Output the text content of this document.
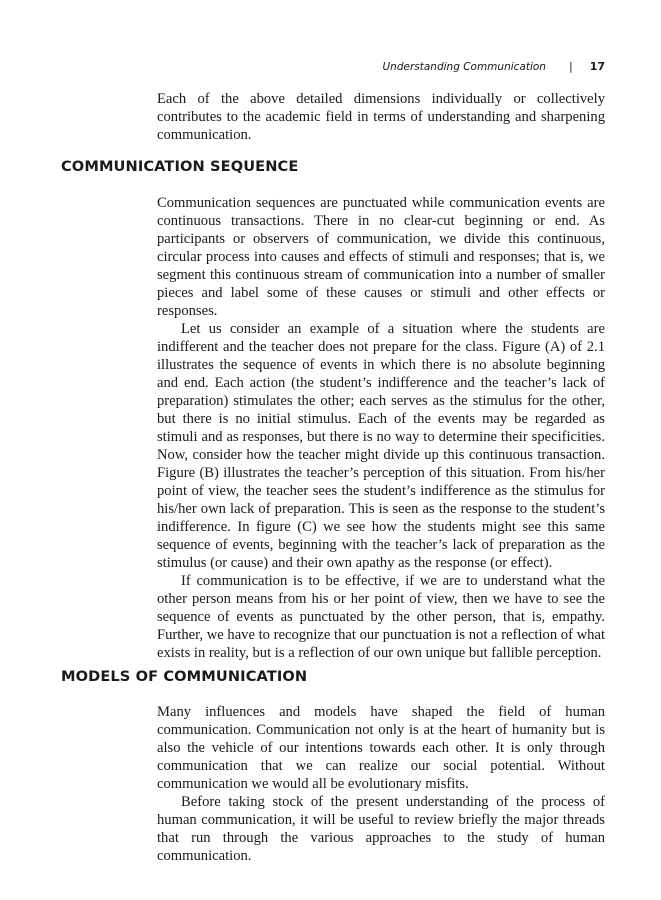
Understanding Communication | 17

Each of the above detailed dimensions individually or collectively contributes to the academic field in terms of understanding and sharpening communication.

COMMUNICATION SEQUENCE

Communication sequences are punctuated while communication events are continuous transactions. There in no clear-cut beginning or end. As participants or observers of communication, we divide this continuous, circular process into causes and effects of stimuli and responses; that is, we segment this continuous stream of communication into a number of smaller pieces and label some of these causes or stimuli and other effects or responses.

Let us consider an example of a situation where the students are indifferent and the teacher does not prepare for the class. Figure (A) of 2.1 illustrates the sequence of events in which there is no absolute beginning and end. Each action (the student’s indifference and the teacher’s lack of preparation) stimulates the other; each serves as the stimulus for the other, but there is no initial stimulus. Each of the events may be regarded as stimuli and as responses, but there is no way to determine their specificities. Now, consider how the teacher might divide up this continuous transaction. Figure (B) illustrates the teacher’s perception of this situation. From his/her point of view, the teacher sees the student’s indifference as the stimulus for his/her own lack of preparation. This is seen as the response to the student’s indifference. In figure (C) we see how the students might see this same sequence of events, beginning with the teacher’s lack of preparation as the stimulus (or cause) and their own apathy as the response (or effect).

If communication is to be effective, if we are to understand what the other person means from his or her point of view, then we have to see the sequence of events as punctuated by the other person, that is, empathy. Further, we have to recognize that our punctuation is not a reflection of what exists in reality, but is a reflection of our own unique but fallible perception.

MODELS OF COMMUNICATION

Many influences and models have shaped the field of human communication. Communication not only is at the heart of humanity but is also the vehicle of our intentions towards each other. It is only through communication that we can realize our social potential. Without communication we would all be evolutionary misfits.

Before taking stock of the present understanding of the process of human communication, it will be useful to review briefly the major threads that run through the various approaches to the study of human communication.
